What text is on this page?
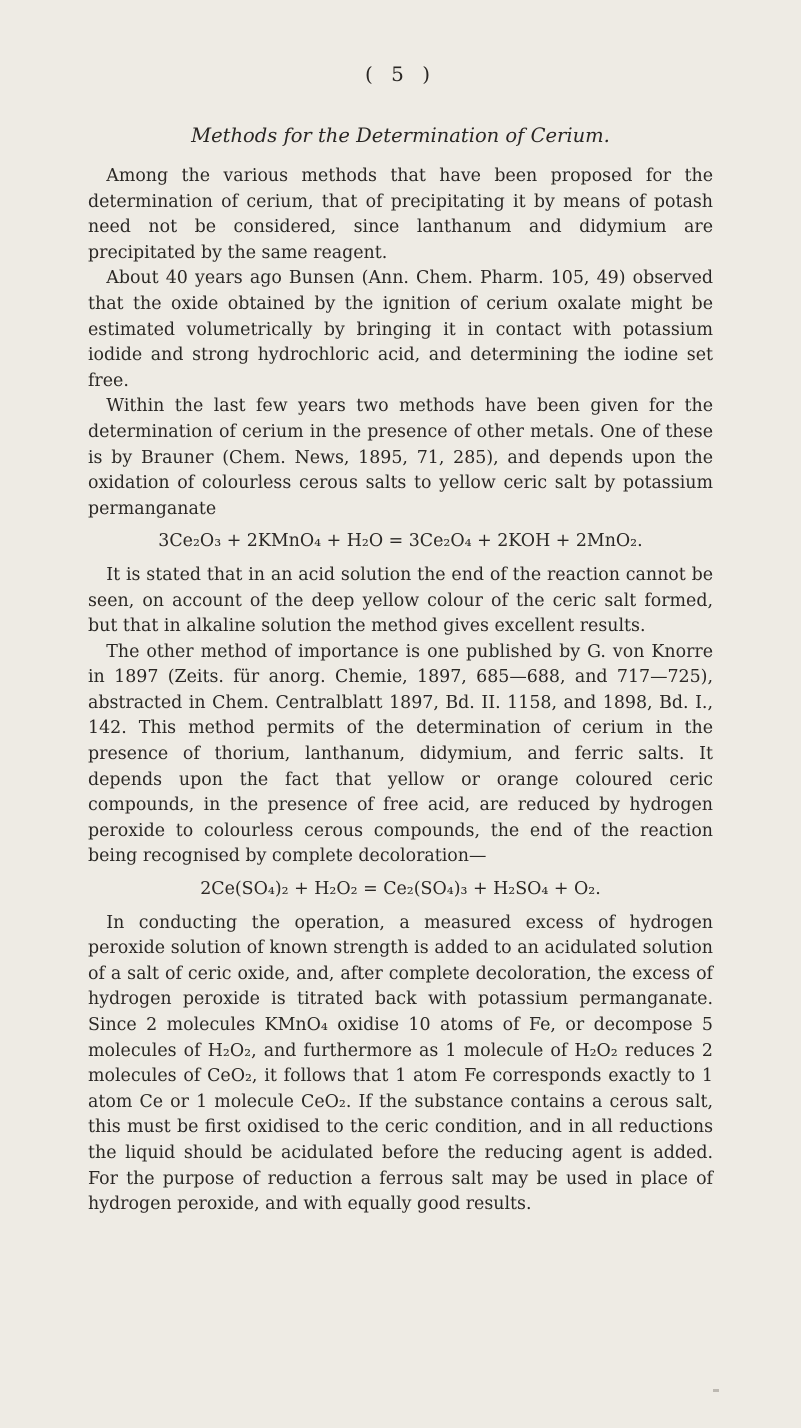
( 5 )
Methods for the Determination of Cerium.

Among the various methods that have been proposed for the determination of cerium, that of precipitating it by means of potash need not be considered, since lanthanum and didymium are precipitated by the same reagent.

About 40 years ago Bunsen (Ann. Chem. Pharm. 105, 49) observed that the oxide obtained by the ignition of cerium oxalate might be estimated volumetrically by bringing it in contact with potassium iodide and strong hydrochloric acid, and determining the iodine set free.

Within the last few years two methods have been given for the determination of cerium in the presence of other metals. One of these is by Brauner (Chem. News, 1895, 71, 285), and depends upon the oxidation of colourless cerous salts to yellow ceric salt by potassium permanganate

3Ce₂O₃ + 2KMnO₄ + H₂O = 3Ce₂O₄ + 2KOH + 2MnO₂.

It is stated that in an acid solution the end of the reaction cannot be seen, on account of the deep yellow colour of the ceric salt formed, but that in alkaline solution the method gives excellent results.

The other method of importance is one published by G. von Knorre in 1897 (Zeits. für anorg. Chemie, 1897, 685—688, and 717—725), abstracted in Chem. Centralblatt 1897, Bd. II. 1158, and 1898, Bd. I., 142. This method permits of the determination of cerium in the presence of thorium, lanthanum, didymium, and ferric salts. It depends upon the fact that yellow or orange coloured ceric compounds, in the presence of free acid, are reduced by hydrogen peroxide to colourless cerous compounds, the end of the reaction being recognised by complete decoloration—

2Ce(SO₄)₂ + H₂O₂ = Ce₂(SO₄)₃ + H₂SO₄ + O₂.

In conducting the operation, a measured excess of hydrogen peroxide solution of known strength is added to an acidulated solution of a salt of ceric oxide, and, after complete decoloration, the excess of hydrogen peroxide is titrated back with potassium permanganate. Since 2 molecules KMnO₄ oxidise 10 atoms of Fe, or decompose 5 molecules of H₂O₂, and furthermore as 1 molecule of H₂O₂ reduces 2 molecules of CeO₂, it follows that 1 atom Fe corresponds exactly to 1 atom Ce or 1 molecule CeO₂. If the substance contains a cerous salt, this must be first oxidised to the ceric condition, and in all reductions the liquid should be acidulated before the reducing agent is added. For the purpose of reduction a ferrous salt may be used in place of hydrogen peroxide, and with equally good results.
